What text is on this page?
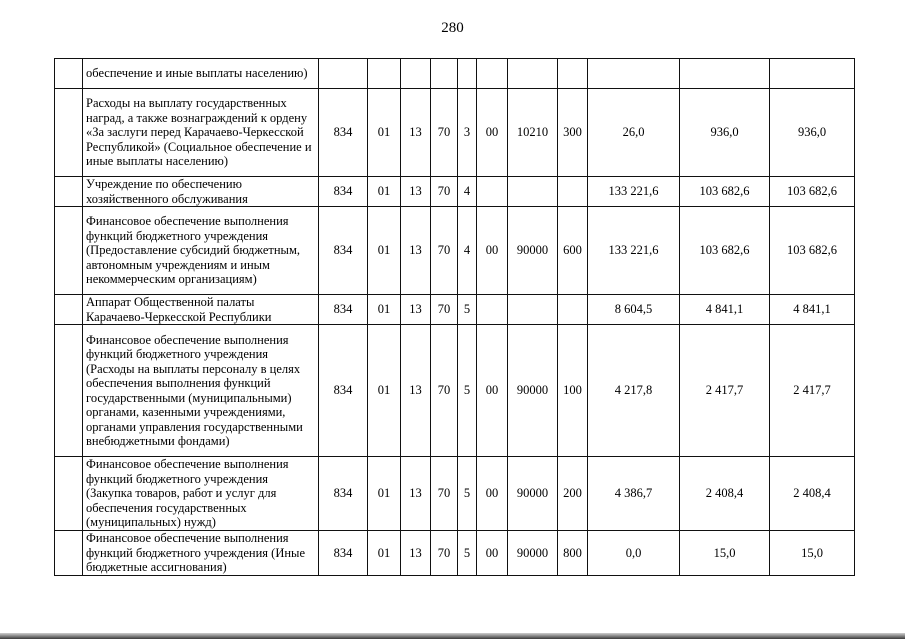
280
	обеспечение и иные выплаты населению)											
	Расходы на выплату государственных наград, а также вознаграждений к ордену «За заслуги перед Карачаево-Черкесской Республикой» (Социальное обеспечение и иные выплаты населению)	834	01	13	70	3	00	10210	300	26,0	936,0	936,0
	Учреждение по обеспечению хозяйственного обслуживания	834	01	13	70	4				133 221,6	103 682,6	103 682,6
	Финансовое обеспечение выполнения функций бюджетного учреждения (Предоставление субсидий бюджетным, автономным учреждениям и иным некоммерческим организациям)	834	01	13	70	4	00	90000	600	133 221,6	103 682,6	103 682,6
	Аппарат Общественной палаты Карачаево-Черкесской Республики	834	01	13	70	5				8 604,5	4 841,1	4 841,1
	Финансовое обеспечение выполнения функций бюджетного учреждения (Расходы на выплаты персоналу в целях обеспечения выполнения функций государственными (муниципальными) органами, казенными учреждениями, органами управления государственными внебюджетными фондами)	834	01	13	70	5	00	90000	100	4 217,8	2 417,7	2 417,7
	Финансовое обеспечение выполнения функций бюджетного учреждения (Закупка товаров, работ и услуг для обеспечения государственных (муниципальных) нужд)	834	01	13	70	5	00	90000	200	4 386,7	2 408,4	2 408,4
	Финансовое обеспечение выполнения функций бюджетного учреждения (Иные бюджетные ассигнования)	834	01	13	70	5	00	90000	800	0,0	15,0	15,0
